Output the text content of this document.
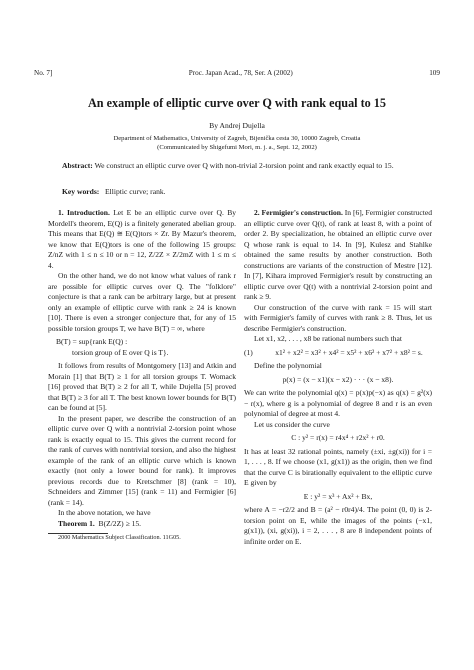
No. 7]	Proc. Japan Acad., 78, Ser. A (2002)	109
An example of elliptic curve over Q with rank equal to 15
By Andrej Dujella
Department of Mathematics, University of Zagreb, Bijenička cesta 30, 10000 Zagreb, Croatia
(Communicated by Shigefumi Mori, m. j. a., Sept. 12, 2002)
Abstract: We construct an elliptic curve over Q with non-trivial 2-torsion point and rank exactly equal to 15.
Key words: Elliptic curve; rank.

1. Introduction. Let E be an elliptic curve over Q. By Mordell's theorem, E(Q) is a finitely generated abelian group. This means that E(Q) ≅ E(Q)tors × Zr. By Mazur's theorem, we know that E(Q)tors is one of the following 15 groups: Z/nZ with 1 ≤ n ≤ 10 or n = 12, Z/2Z × Z/2mZ with 1 ≤ m ≤ 4.

On the other hand, we do not know what values of rank r are possible for elliptic curves over Q. The "folklore" conjecture is that a rank can be arbitrary large, but at present only an example of elliptic curve with rank ≥ 24 is known [10]. There is even a stronger conjecture that, for any of 15 possible torsion groups T, we have B(T) = ∞, where

B(T) = sup{rank E(Q) :
torsion group of E over Q is T}.

It follows from results of Montgomery [13] and Atkin and Morain [1] that B(T) ≥ 1 for all torsion groups T. Womack [16] proved that B(T) ≥ 2 for all T, while Dujella [5] proved that B(T) ≥ 3 for all T. The best known lower bounds for B(T) can be found at [5].

In the present paper, we describe the construction of an elliptic curve over Q with a nontrivial 2-torsion point whose rank is exactly equal to 15. This gives the current record for the rank of curves with nontrivial torsion, and also the highest example of the rank of an elliptic curve which is known exactly (not only a lower bound for rank). It improves previous records due to Kretschmer [8] (rank = 10), Schneiders and Zimmer [15] (rank = 11) and Fermigier [6] (rank = 14).

In the above notation, we have

Theorem 1. B(Z/2Z) ≥ 15.

2000 Mathematics Subject Classification. 11G05.

2. Fermigier's construction. In [6], Fermigier constructed an elliptic curve over Q(t), of rank at least 8, with a point of order 2. By specialization, he obtained an elliptic curve over Q whose rank is equal to 14. In [9], Kulesz and Stahlke obtained the same results by another construction. Both constructions are variants of the construction of Mestre [12]. In [7], Kihara improved Fermigier's result by constructing an elliptic curve over Q(t) with a nontrivial 2-torsion point and rank ≥ 9.

Our construction of the curve with rank = 15 will start with Fermigier's family of curves with rank ≥ 8. Thus, let us describe Fermigier's construction.

Let x1, x2, . . . , x8 be rational numbers such that

(1)	x1² + x2² = x3² + x4² = x5² + x6² + x7² + x8² = s.

Define the polynomial

p(x) = (x − x1)(x − x2) · · · (x − x8).

We can write the polynomial q(x) = p(x)p(−x) as q(x) = g²(x) − r(x), where g is a polynomial of degree 8 and r is an even polynomial of degree at most 4.

Let us consider the curve

C : y² = r(x) = r4x⁴ + r2x² + r0.

It has at least 32 rational points, namely (±xi, ±g(xi)) for i = 1, . . . , 8. If we choose (x1, g(x1)) as the origin, then we find that the curve C is birationally equivalent to the elliptic curve E given by

E : y² = x³ + Ax² + Bx,

where A = −r2/2 and B = (a² − r0r4)/4. The point (0, 0) is 2-torsion point on E, while the images of the points (−x1, g(x1)), (xi, g(xi)), i = 2, . . . , 8 are 8 independent points of infinite order on E.
